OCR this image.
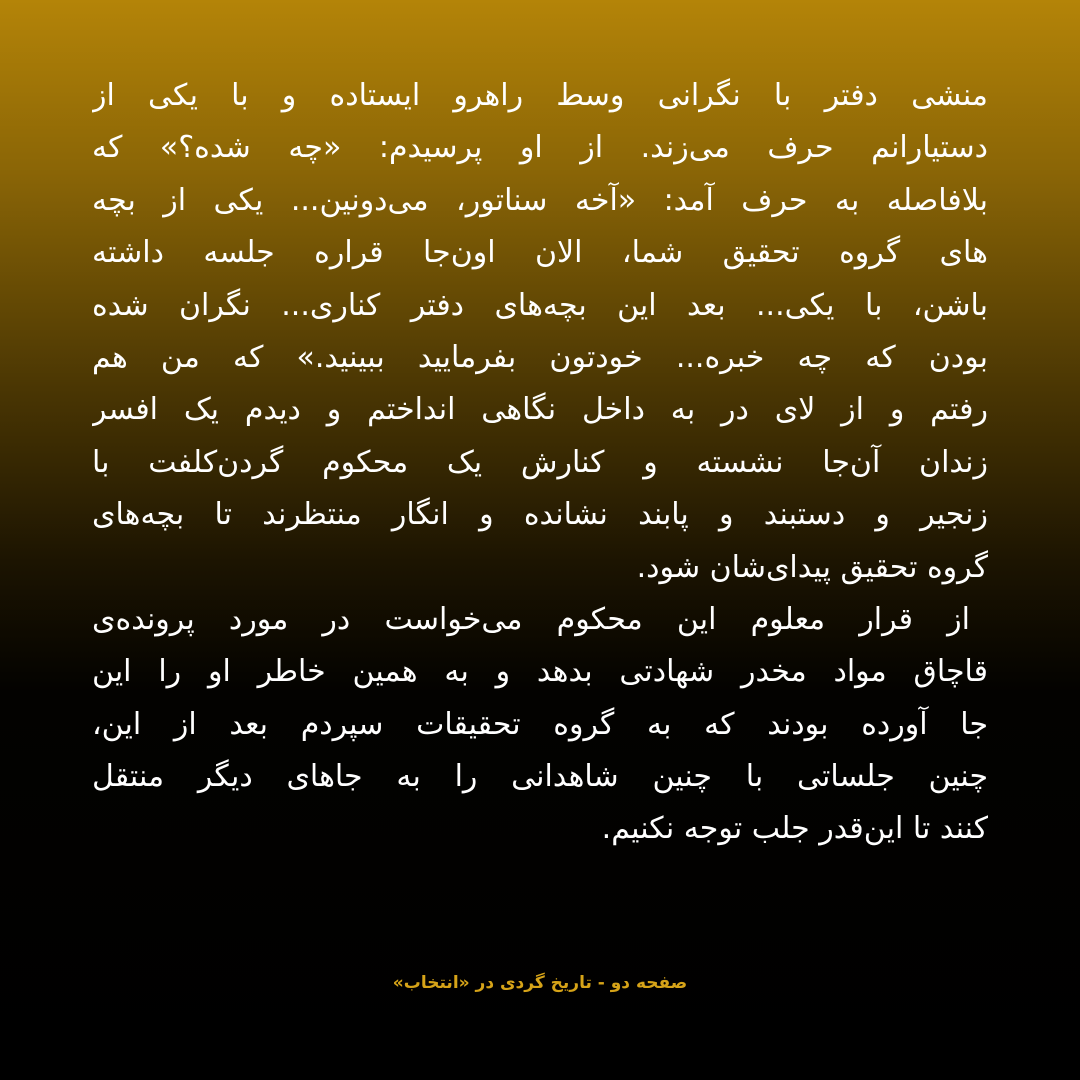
منشی دفتر با نگرانی وسط راهرو ایستاده و با یکی از
دستیارانم حرف می‌زند. از او پرسیدم: «چه شده؟» که
بلافاصله به حرف آمد: «آخه سناتور، می‌دونین... یکی از بچه
های گروه تحقیق شما، الان اون‌جا قراره جلسه داشته
باشن، با یکی... بعد این بچه‌های دفتر کناری... نگران شده
بودن که چه خبره... خودتون بفرمایید ببینید.» که من هم
رفتم و از لای در به داخل نگاهی انداختم و دیدم یک افسر
زندان آن‌جا نشسته و کنارش یک محکوم گردن‌کلفت با
زنجیر و دستبند و پابند نشانده و انگار منتظرند تا بچه‌های
گروه تحقیق پیدای‌شان شود.
از قرار معلوم این محکوم می‌خواست در مورد پرونده‌ی
قاچاق مواد مخدر شهادتی بدهد و به همین خاطر او را این
جا آورده بودند که به گروه تحقیقات سپردم بعد از این،
چنین جلساتی با چنین شاهدانی را به جاهای دیگر منتقل
کنند تا این‌قدر جلب توجه نکنیم.
صفحه دو - تاریخ گردی در «انتخاب»
